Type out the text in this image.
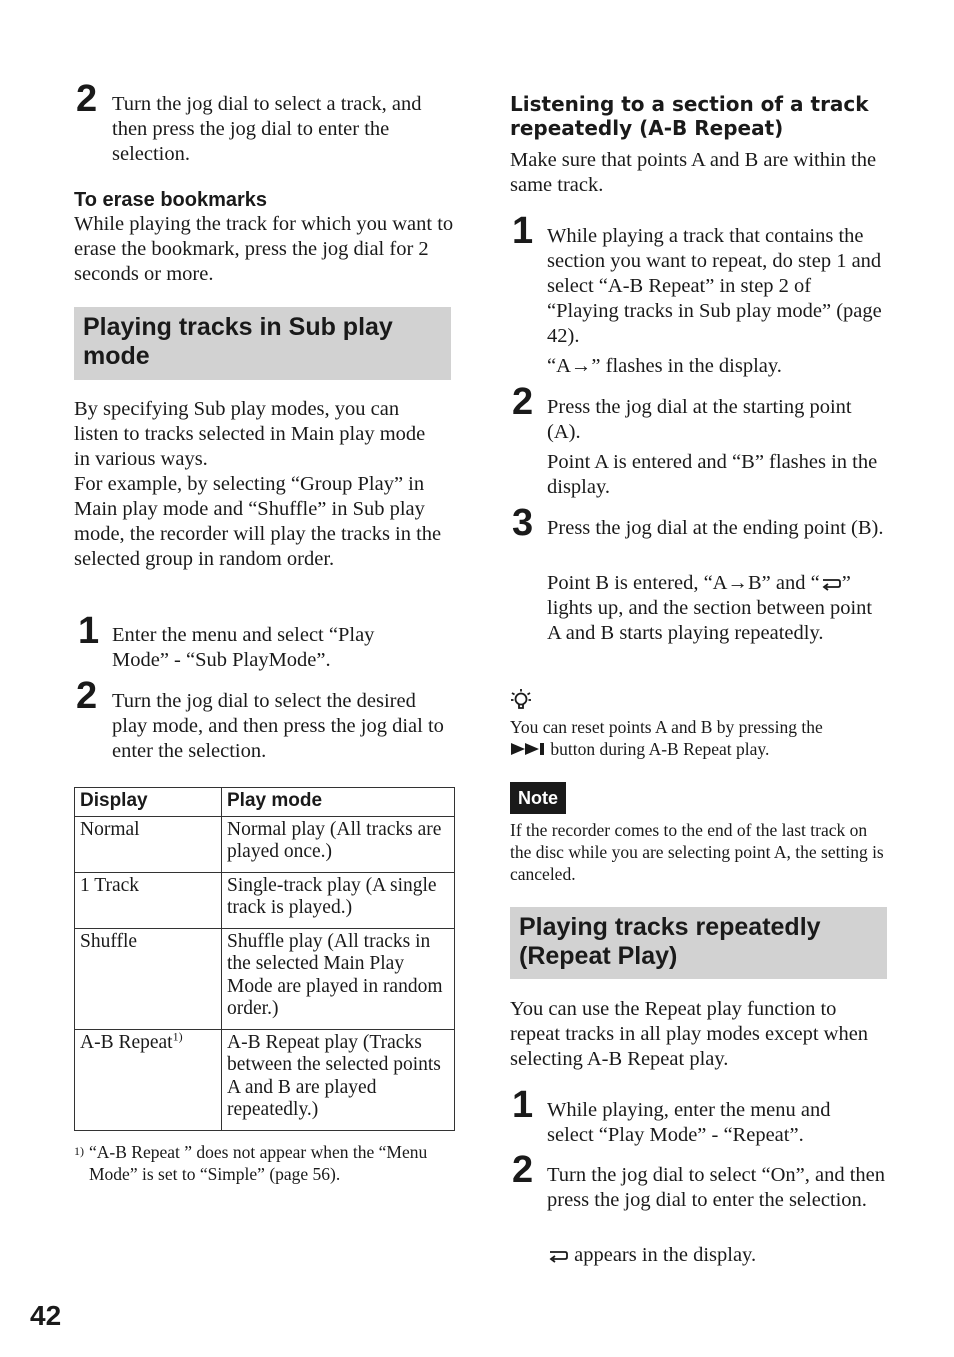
2 Turn the jog dial to select a track, and then press the jog dial to enter the selection.
To erase bookmarks
While playing the track for which you want to erase the bookmark, press the jog dial for 2 seconds or more.
Playing tracks in Sub play mode
By specifying Sub play modes, you can listen to tracks selected in Main play mode in various ways.
For example, by selecting “Group Play” in Main play mode and “Shuffle” in Sub play mode, the recorder will play the tracks in the selected group in random order.
1 Enter the menu and select “Play Mode” - “Sub PlayMode”.
2 Turn the jog dial to select the desired play mode, and then press the jog dial to enter the selection.
Display	Play mode
Normal	Normal play (All tracks are played once.)
1 Track	Single-track play (A single track is played.)
Shuffle	Shuffle play (All tracks in the selected Main Play Mode are played in random order.)
A-B Repeat$^{1)}$	A-B Repeat play (Tracks between the selected points A and B are played repeatedly.)
1) “A-B Repeat ” does not appear when the “Menu Mode” is set to “Simple” (page 56).
42
Listening to a section of a track repeatedly (A-B Repeat)
Make sure that points A and B are within the same track.
1 While playing a track that contains the section you want to repeat, do step 1 and select “A-B Repeat” in step 2 of “Playing tracks in Sub play mode” (page 42).
“A→” flashes in the display.
2 Press the jog dial at the starting point (A).
Point A is entered and “B” flashes in the display.
3 Press the jog dial at the ending point (B).
Point B is entered, “A→B” and “ ” lights up, and the section between point A and B starts playing repeatedly.
You can reset points A and B by pressing the
button during A-B Repeat play.
Note
If the recorder comes to the end of the last track on the disc while you are selecting point A, the setting is canceled.
Playing tracks repeatedly (Repeat Play)
You can use the Repeat play function to repeat tracks in all play modes except when selecting A-B Repeat play.
1 While playing, enter the menu and select “Play Mode” - “Repeat”.
2 Turn the jog dial to select “On”, and then press the jog dial to enter the selection.
appears in the display.
